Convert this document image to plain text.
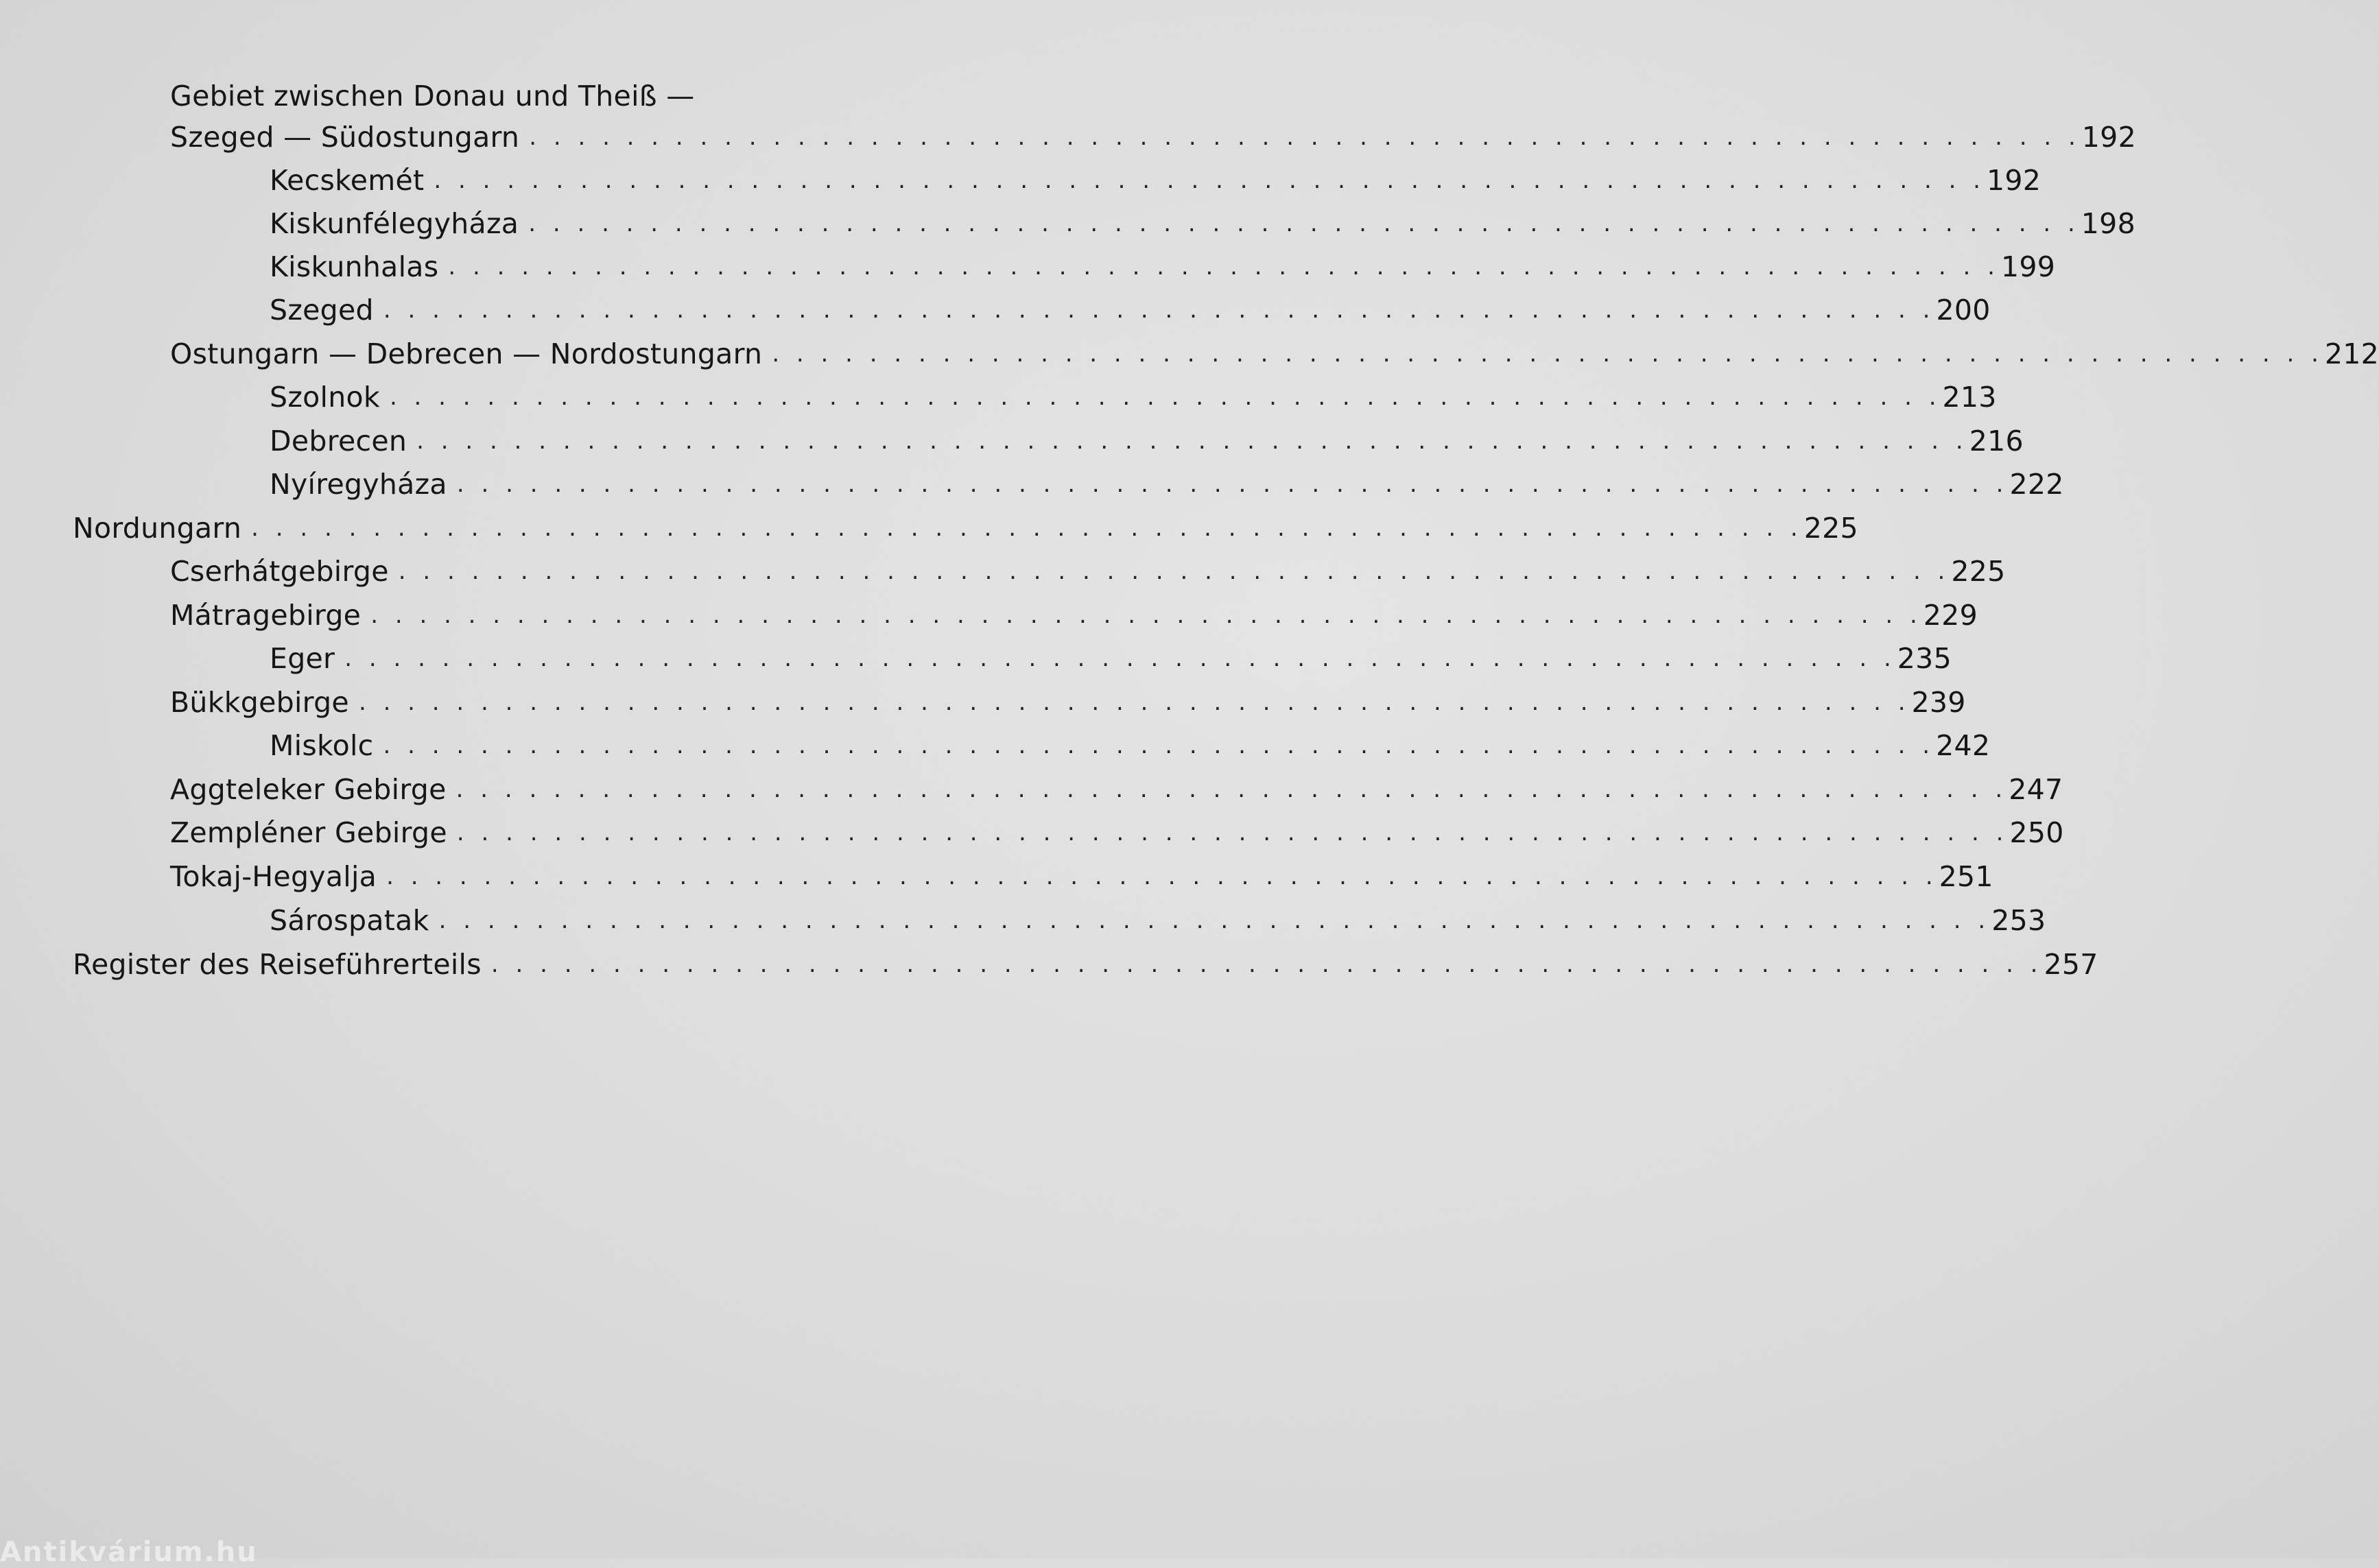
Gebiet zwischen Donau und Theiß —
Szeged — Südostungarn . . . . . . . . . . . . . . . . . . . . . . . . . . . . . . . . . . . . . . . . . . . . . . . . . . . . . . . . . . . . . . . . 192
Kecskemét . . . . . . . . . . . . . . . . . . . . . . . . . . . . . . . . . . . . . . . . . . . . . . . . . . . . . . . . . . . . . . . . 192
Kiskunfélegyháza . . . . . . . . . . . . . . . . . . . . . . . . . . . . . . . . . . . . . . . . . . . . . . . . . . . . . . . . . . . . . . . . 198
Kiskunhalas . . . . . . . . . . . . . . . . . . . . . . . . . . . . . . . . . . . . . . . . . . . . . . . . . . . . . . . . . . . . . . . . 199
Szeged . . . . . . . . . . . . . . . . . . . . . . . . . . . . . . . . . . . . . . . . . . . . . . . . . . . . . . . . . . . . . . . . 200
Ostungarn — Debrecen — Nordostungarn . . . . . . . . . . . . . . . . . . . . . . . . . . . . . . . . . . . . . . . . . . . . . . . . . . . . . . . . . . . . . . . . 212
Szolnok . . . . . . . . . . . . . . . . . . . . . . . . . . . . . . . . . . . . . . . . . . . . . . . . . . . . . . . . . . . . . . . . 213
Debrecen . . . . . . . . . . . . . . . . . . . . . . . . . . . . . . . . . . . . . . . . . . . . . . . . . . . . . . . . . . . . . . . . 216
Nyíregyháza . . . . . . . . . . . . . . . . . . . . . . . . . . . . . . . . . . . . . . . . . . . . . . . . . . . . . . . . . . . . . . . . 222
Nordungarn . . . . . . . . . . . . . . . . . . . . . . . . . . . . . . . . . . . . . . . . . . . . . . . . . . . . . . . . . . . . . . . . 225
Cserhátgebirge . . . . . . . . . . . . . . . . . . . . . . . . . . . . . . . . . . . . . . . . . . . . . . . . . . . . . . . . . . . . . . . . 225
Mátragebirge . . . . . . . . . . . . . . . . . . . . . . . . . . . . . . . . . . . . . . . . . . . . . . . . . . . . . . . . . . . . . . . . 229
Eger . . . . . . . . . . . . . . . . . . . . . . . . . . . . . . . . . . . . . . . . . . . . . . . . . . . . . . . . . . . . . . . . 235
Bükkgebirge . . . . . . . . . . . . . . . . . . . . . . . . . . . . . . . . . . . . . . . . . . . . . . . . . . . . . . . . . . . . . . . . 239
Miskolc . . . . . . . . . . . . . . . . . . . . . . . . . . . . . . . . . . . . . . . . . . . . . . . . . . . . . . . . . . . . . . . . 242
Aggteleker Gebirge . . . . . . . . . . . . . . . . . . . . . . . . . . . . . . . . . . . . . . . . . . . . . . . . . . . . . . . . . . . . . . . . 247
Zempléner Gebirge . . . . . . . . . . . . . . . . . . . . . . . . . . . . . . . . . . . . . . . . . . . . . . . . . . . . . . . . . . . . . . . . 250
Tokaj-Hegyalja . . . . . . . . . . . . . . . . . . . . . . . . . . . . . . . . . . . . . . . . . . . . . . . . . . . . . . . . . . . . . . . . 251
Sárospatak . . . . . . . . . . . . . . . . . . . . . . . . . . . . . . . . . . . . . . . . . . . . . . . . . . . . . . . . . . . . . . . . 253
Register des Reiseführerteils . . . . . . . . . . . . . . . . . . . . . . . . . . . . . . . . . . . . . . . . . . . . . . . . . . . . . . . . . . . . . . . . 257
Antikvárium.hu
